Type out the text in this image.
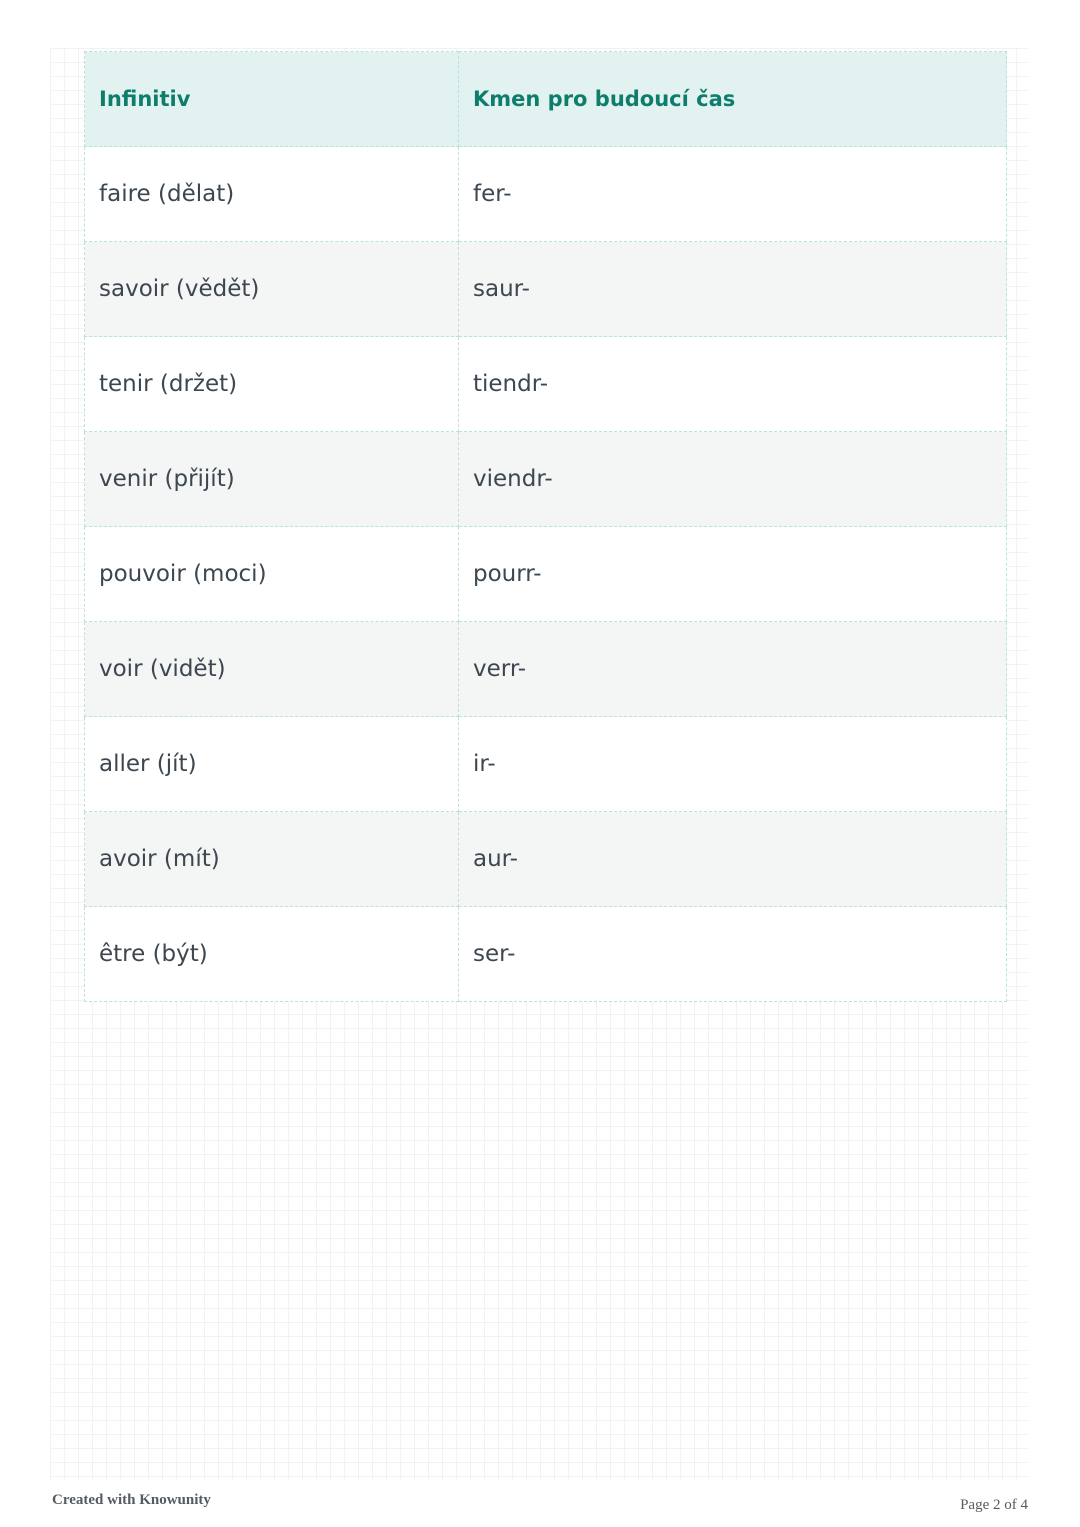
Infinitiv	Kmen pro budoucí čas
faire (dělat)	fer-
savoir (vědět)	saur-
tenir (držet)	tiendr-
venir (přijít)	viendr-
pouvoir (moci)	pourr-
voir (vidět)	verr-
aller (jít)	ir-
avoir (mít)	aur-
être (být)	ser-
Created with Knowunity	Page 2 of 4
